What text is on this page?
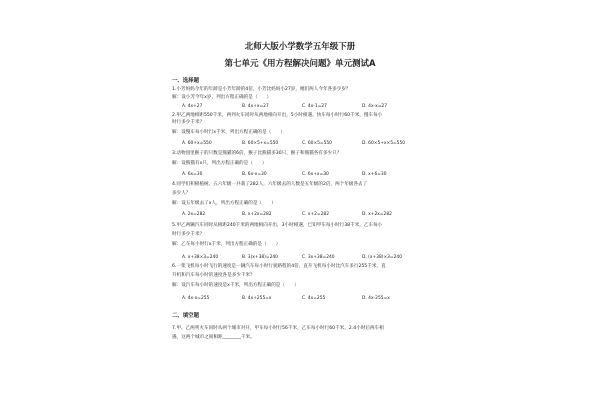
北师大版小学数学五年级下册
第七单元《用方程解决问题》单元测试A
一、选择题
1.小芳妈妈今年的年龄是小芳年龄的4倍，小芳比妈妈小27岁，她们两人今年各多少岁？
解：设小芳今年x岁，列出方程正确的是（　　）
A. 4x+27	B. 4x+x=27	C. 4x-1=27	D. 4x-x=27
2.甲乙两地相距550千米，两列火车同时从两地相向开出，5小时相遇。快车每小时行60千米，慢车每小
时行多少千米？
解：设慢车每小时行x千米，列出方程正确的是（　　）
A. 60+x=550	B. 60×5+x=550	C. 60×5=550	D. 60×5+x×5=550
3.动物园里猴子的只数是熊猫的6倍，猴子比熊猫多30只，猴子和熊猫各有多少只？
解：设熊猫有x只，列出方程正确的是（　　）
A. 6x=30	B. 6x-x=30	C. 6x+x=30	D. x+6=30
4.同学们积极植树。五六年级一共栽了282人，六年级去的人数是五年级的2倍，两个年级各去了
多少人？
解：设五年级去了x人，列出方程正确的是（　　）
A. 2x=282	B. x+2x=282	C. x+2=282	D. x+2x=282
5.甲乙两辆汽车同时从相距240千米的两地相向开出，3小时相遇，已知甲车每小时行38千米，乙车每小
时行多少千米？
解：乙车每小时行x千米，列出方程正确的是（　　）
A. x+38×3=240	B. 3(x+38)=240	C. 3x+38=240	D. (x+38)×3=240
6.一架飞机每小时飞行的速度是一辆汽车每小时行驶路程的4倍，直升飞机每小时比汽车多行255千米，直
升机和汽车每小时的速度各是多少千米？
解：设汽车每小时的速度是x千米，列出方程正确的是（　　）
A. 4x-x=255	B. 4x+255=x	C. 4x=255	D. 4x-255=x
二、填空题
7.甲、乙两列火车同时从两个城市对开，甲车每小时行56千米，乙车每小时行60千米，2.4小时后两车相
遇，这两个城市之间相距________千米。
